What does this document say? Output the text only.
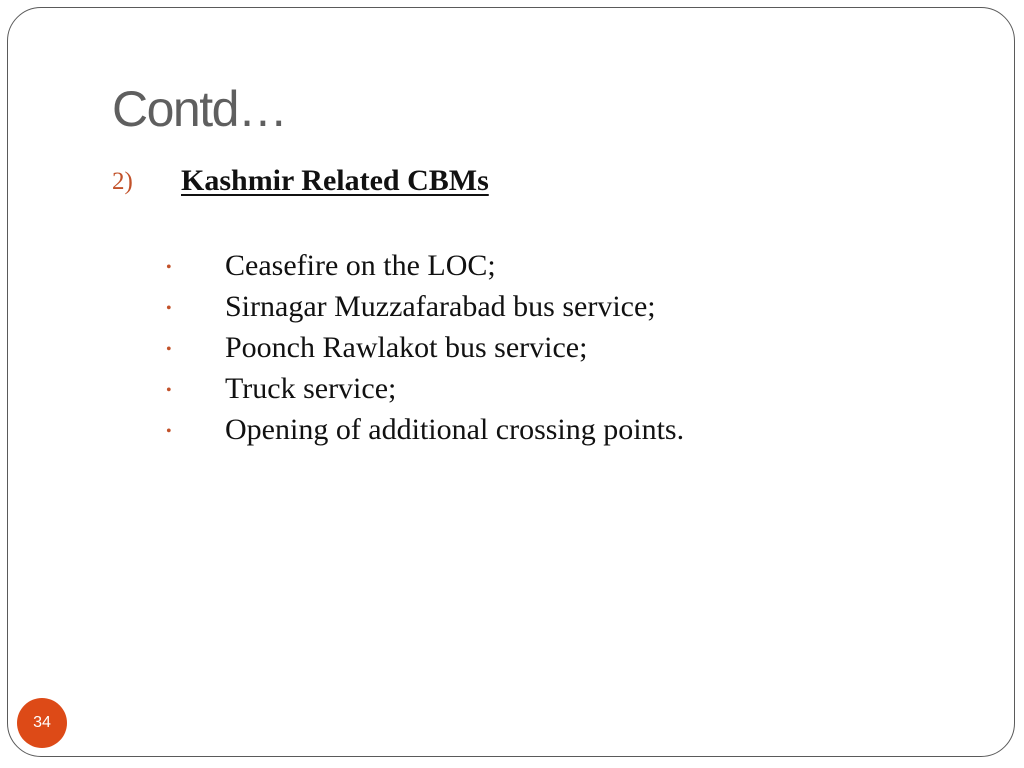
Contd…
2) Kashmir Related CBMs
• Ceasefire on the LOC;
• Sirnagar Muzzafarabad bus service;
• Poonch Rawlakot bus service;
• Truck service;
• Opening of additional crossing points.
34
